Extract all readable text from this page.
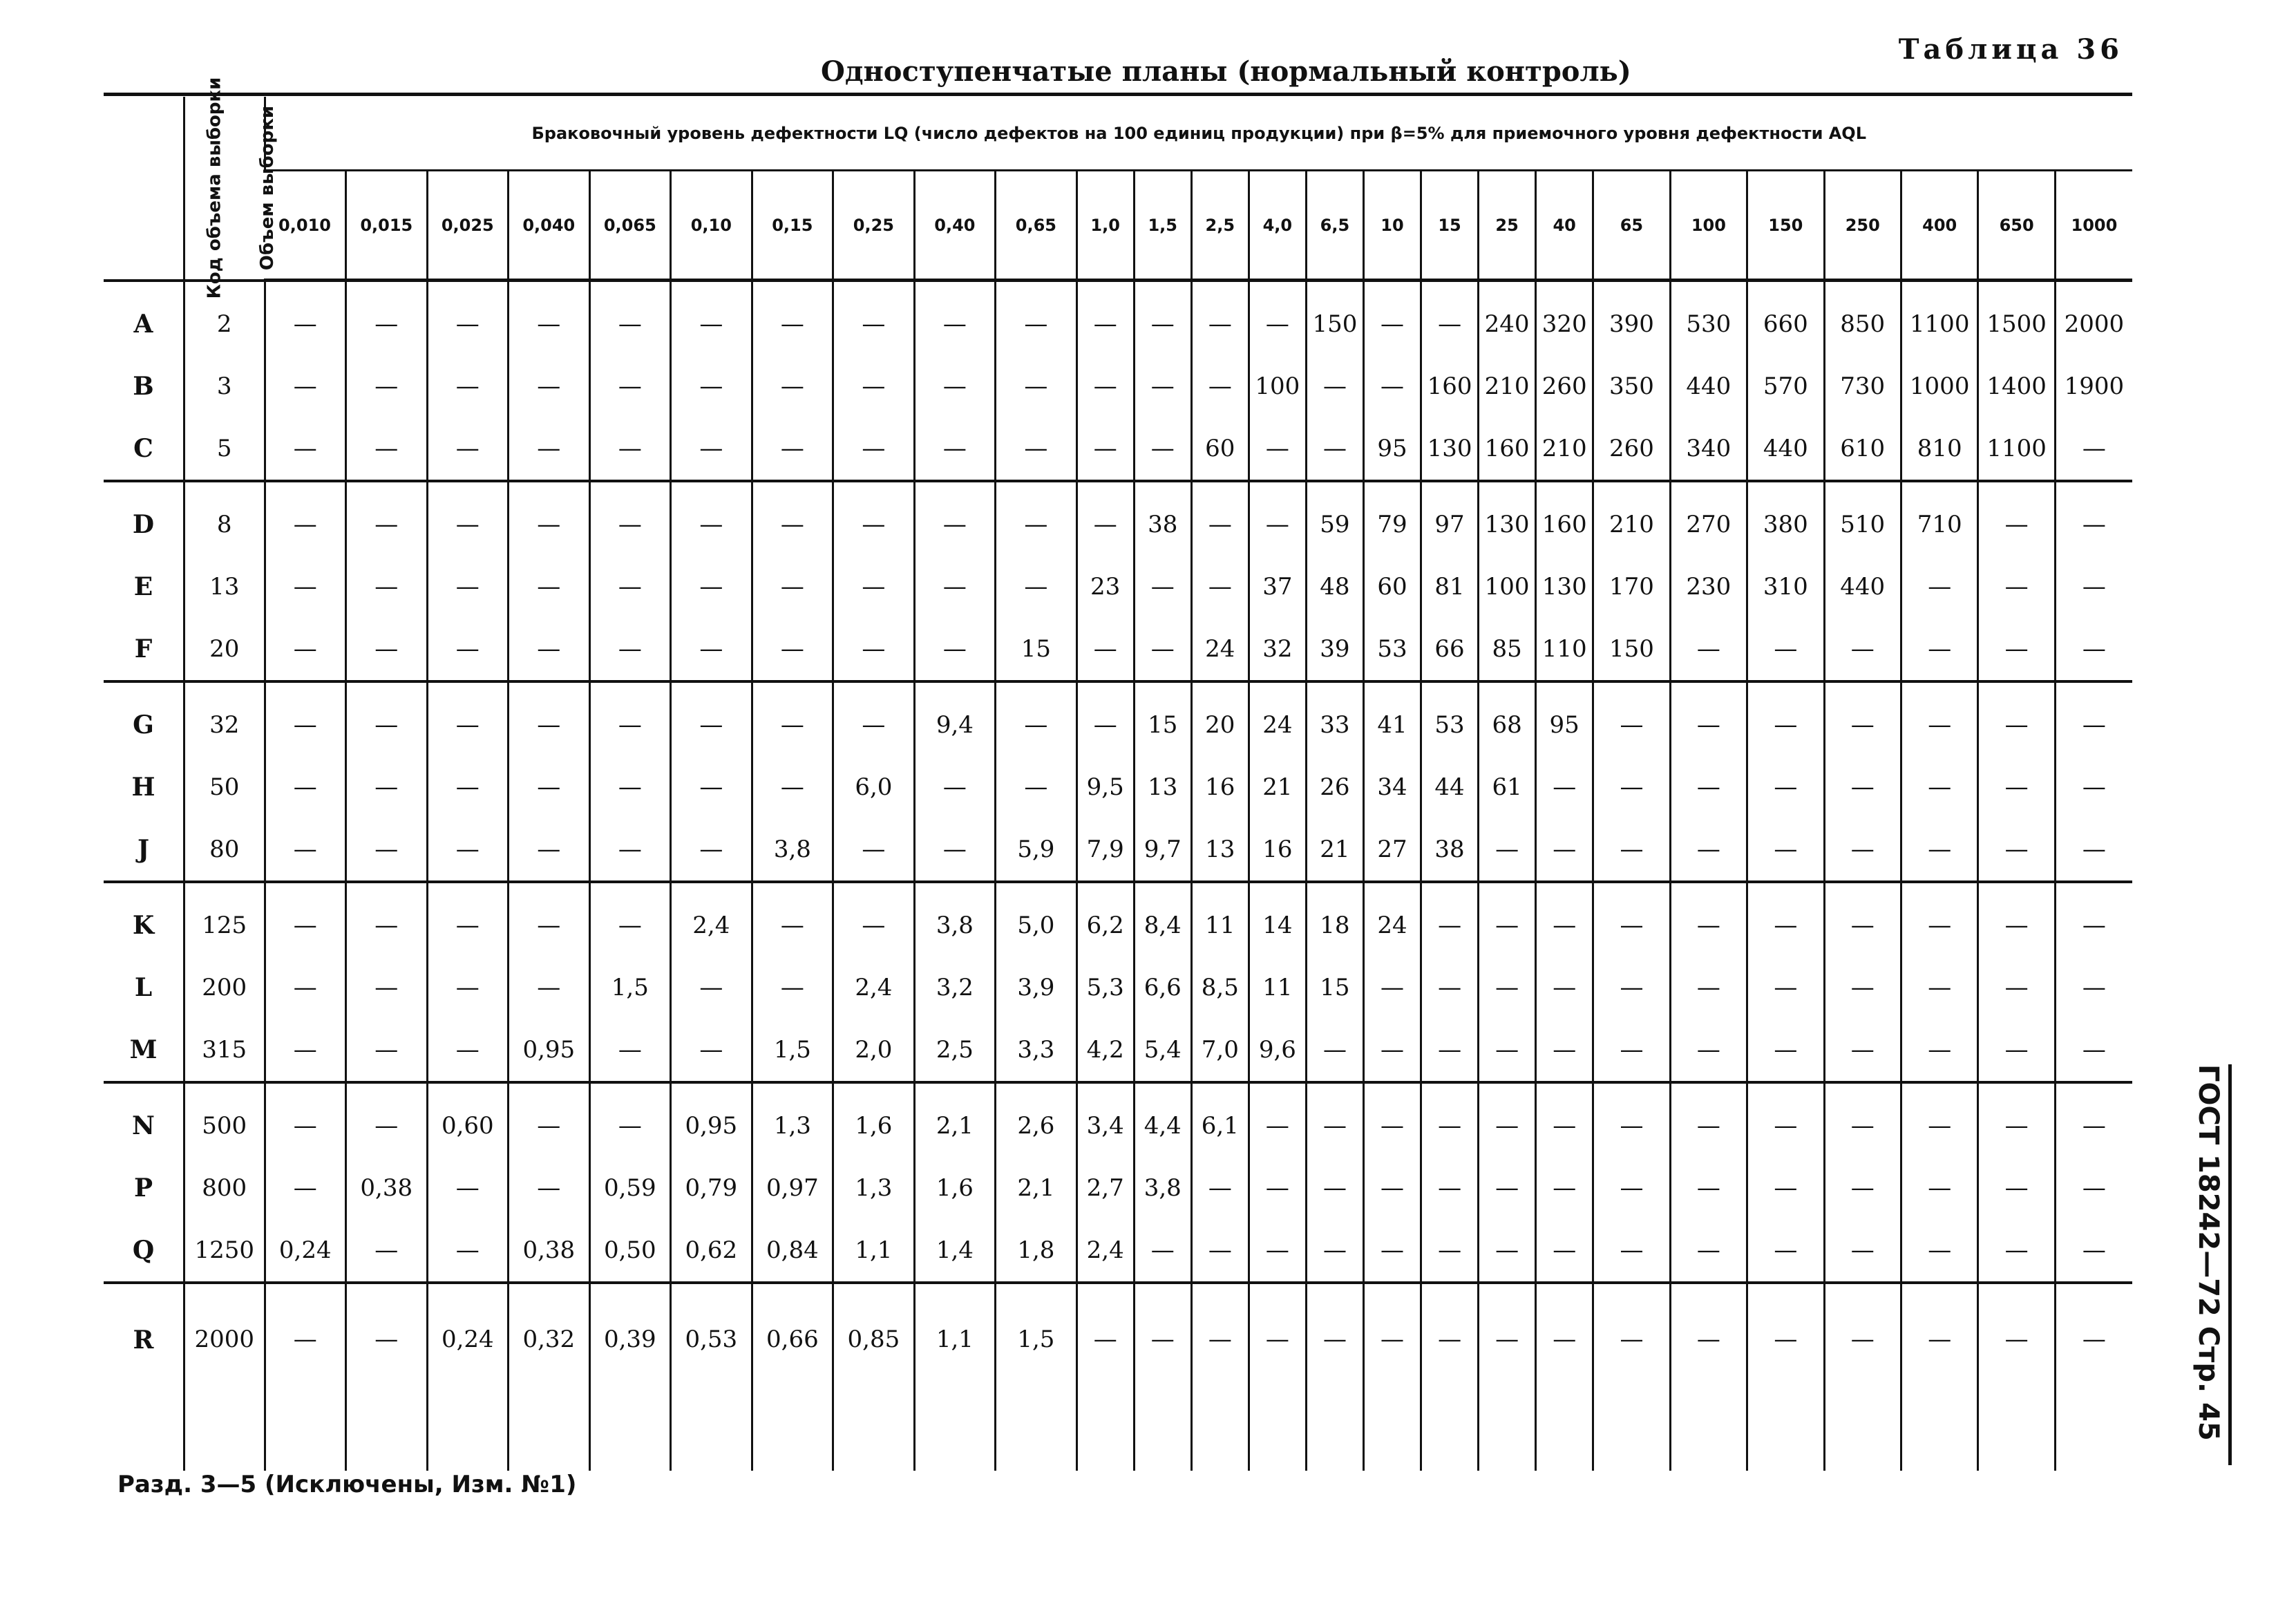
Таблица 36
Одноступенчатые планы (нормальный контроль)
Код объема выборки	Объем выборки	Браковочный уровень дефектности LQ (число дефектов на 100 единиц продукции) при β=5% для приемочного уровня дефектности AQL																									
		0,010	0,015	0,025	0,040	0,065	0,10	0,15	0,25	0,40	0,65	1,0	1,5	2,5	4,0	6,5	10	15	25	40	65	100	150	250	400	650	1000
A	2	—	—	—	—	—	—	—	—	—	—	—	—	—	—	150	—	—	240	320	390	530	660	850	1100	1500	2000
B	3	—	—	—	—	—	—	—	—	—	—	—	—	—	100	—	—	160	210	260	350	440	570	730	1000	1400	1900
C	5	—	—	—	—	—	—	—	—	—	—	—	—	60	—	—	95	130	160	210	260	340	440	610	810	1100	—
D	8	—	—	—	—	—	—	—	—	—	—	—	38	—	—	59	79	97	130	160	210	270	380	510	710	—	—
E	13	—	—	—	—	—	—	—	—	—	—	23	—	—	37	48	60	81	100	130	170	230	310	440	—	—	—
F	20	—	—	—	—	—	—	—	—	—	15	—	—	24	32	39	53	66	85	110	150	—	—	—	—	—	—
G	32	—	—	—	—	—	—	—	—	9,4	—	—	15	20	24	33	41	53	68	95	—	—	—	—	—	—	—
H	50	—	—	—	—	—	—	—	6,0	—	—	9,5	13	16	21	26	34	44	61	—	—	—	—	—	—	—	—
J	80	—	—	—	—	—	—	3,8	—	—	5,9	7,9	9,7	13	16	21	27	38	—	—	—	—	—	—	—	—	—
K	125	—	—	—	—	—	2,4	—	—	3,8	5,0	6,2	8,4	11	14	18	24	—	—	—	—	—	—	—	—	—	—
L	200	—	—	—	—	1,5	—	—	2,4	3,2	3,9	5,3	6,6	8,5	11	15	—	—	—	—	—	—	—	—	—	—	—
M	315	—	—	—	0,95	—	—	1,5	2,0	2,5	3,3	4,2	5,4	7,0	9,6	—	—	—	—	—	—	—	—	—	—	—	—
N	500	—	—	0,60	—	—	0,95	1,3	1,6	2,1	2,6	3,4	4,4	6,1	—	—	—	—	—	—	—	—	—	—	—	—	—
P	800	—	0,38	—	—	0,59	0,79	0,97	1,3	1,6	2,1	2,7	3,8	—	—	—	—	—	—	—	—	—	—	—	—	—	—
Q	1250	0,24	—	—	0,38	0,50	0,62	0,84	1,1	1,4	1,8	2,4	—	—	—	—	—	—	—	—	—	—	—	—	—	—	—
R	2000	—	—	0,24	0,32	0,39	0,53	0,66	0,85	1,1	1,5	—	—	—	—	—	—	—	—	—	—	—	—	—	—	—	—
Разд. 3—5 (Исключены, Изм. №1)
ГОСТ 18242—72 Стр. 45
